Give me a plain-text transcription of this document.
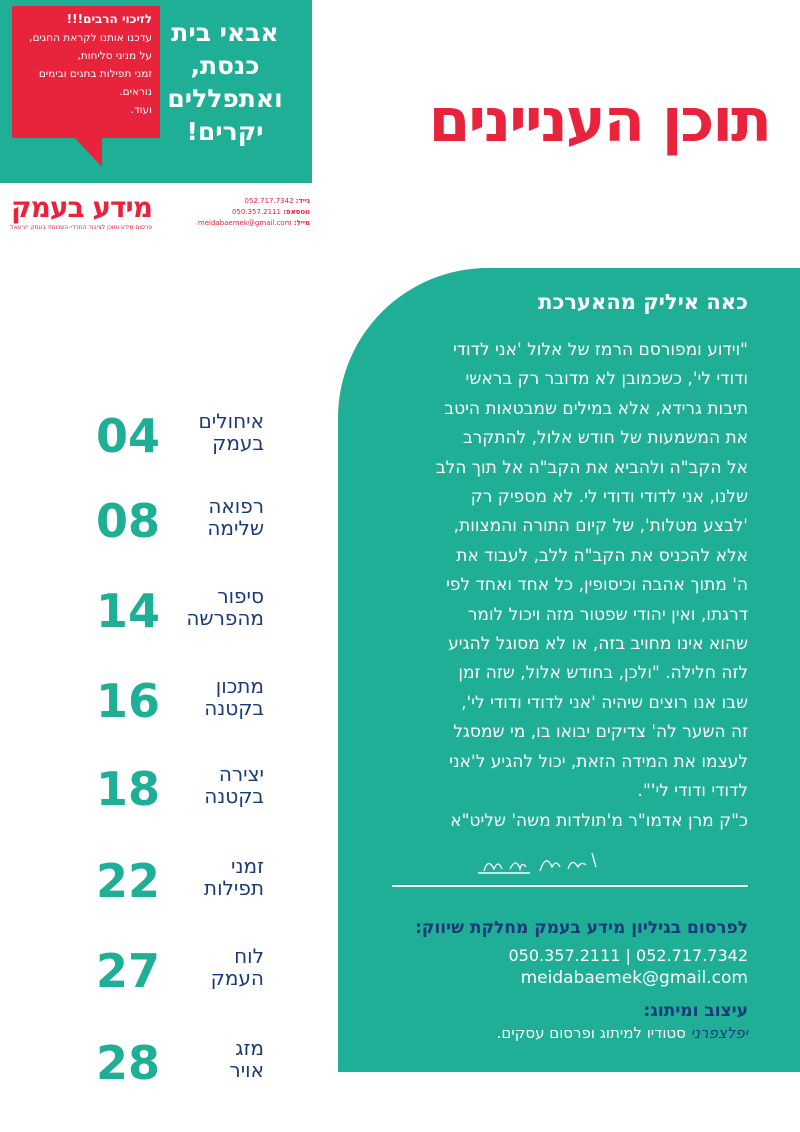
אבאי בית
כנסת,
ואתפללים
יקרים!
לזיכוי הרבים!!!
עדכנו אותנו לקראת החגים,
על מניני סליחות,
זמני תפילות בחגים ובימים
נוראים.
ועוד.
מידע בעמק
פרסום מידע ותוכן לציבור החרדי-השכונתי בעמק יזרעאל
נייד: 052.717.7342
ווטסאפ: 050.357.2111
מייל: meidabaemek@gmail.com
תוכן העניינים
04	איחולים
בעמק
08	רפואה
שלימה
14	סיפור
מהפרשה
16	מתכון
בקטנה
18	יצירה
בקטנה
22	זמני
תפילות
27	לוח
העמק
28	מזג
אויר
כאה איליק מהאערכת
"וידוע ומפורסם הרמז של אלול 'אני לדודי
ודודי לי', כשכמובן לא מדובר רק בראשי
תיבות גרידא, אלא במילים שמבטאות היטב
את המשמעות של חודש אלול, להתקרב
אל הקב"ה ולהביא את הקב"ה אל תוך הלב
שלנו, אני לדודי ודודי לי. לא מספיק רק
'לבצע מטלות', של קיום התורה והמצוות,
אלא להכניס את הקב"ה ללב, לעבוד את
ה' מתוך אהבה וכיסופין, כל אחד ואחד לפי
דרגתו, ואין יהודי שפטור מזה ויכול לומר
שהוא אינו מחויב בזה, או לא מסוגל להגיע
לזה חלילה. "ולכן, בחודש אלול, שזה זמן
שבו אנו רוצים שיהיה 'אני לדודי ודודי לי',
זה השער לה' צדיקים יבואו בו, מי שמסגל
לעצמו את המידה הזאת, יכול להגיע ל'אני
לדודי ודודי לי'".
כ"ק מרן אדמו"ר מ'תולדות משה' שליט"א
לפרסום בגיליון מידע בעמק מחלקת שיווק:
052.717.7342 | 050.357.2111
meidabaemek@gmail.com
עיצוב ומיתוג:
יפלצפרני סטודיו למיתוג ופרסום עסקים.
